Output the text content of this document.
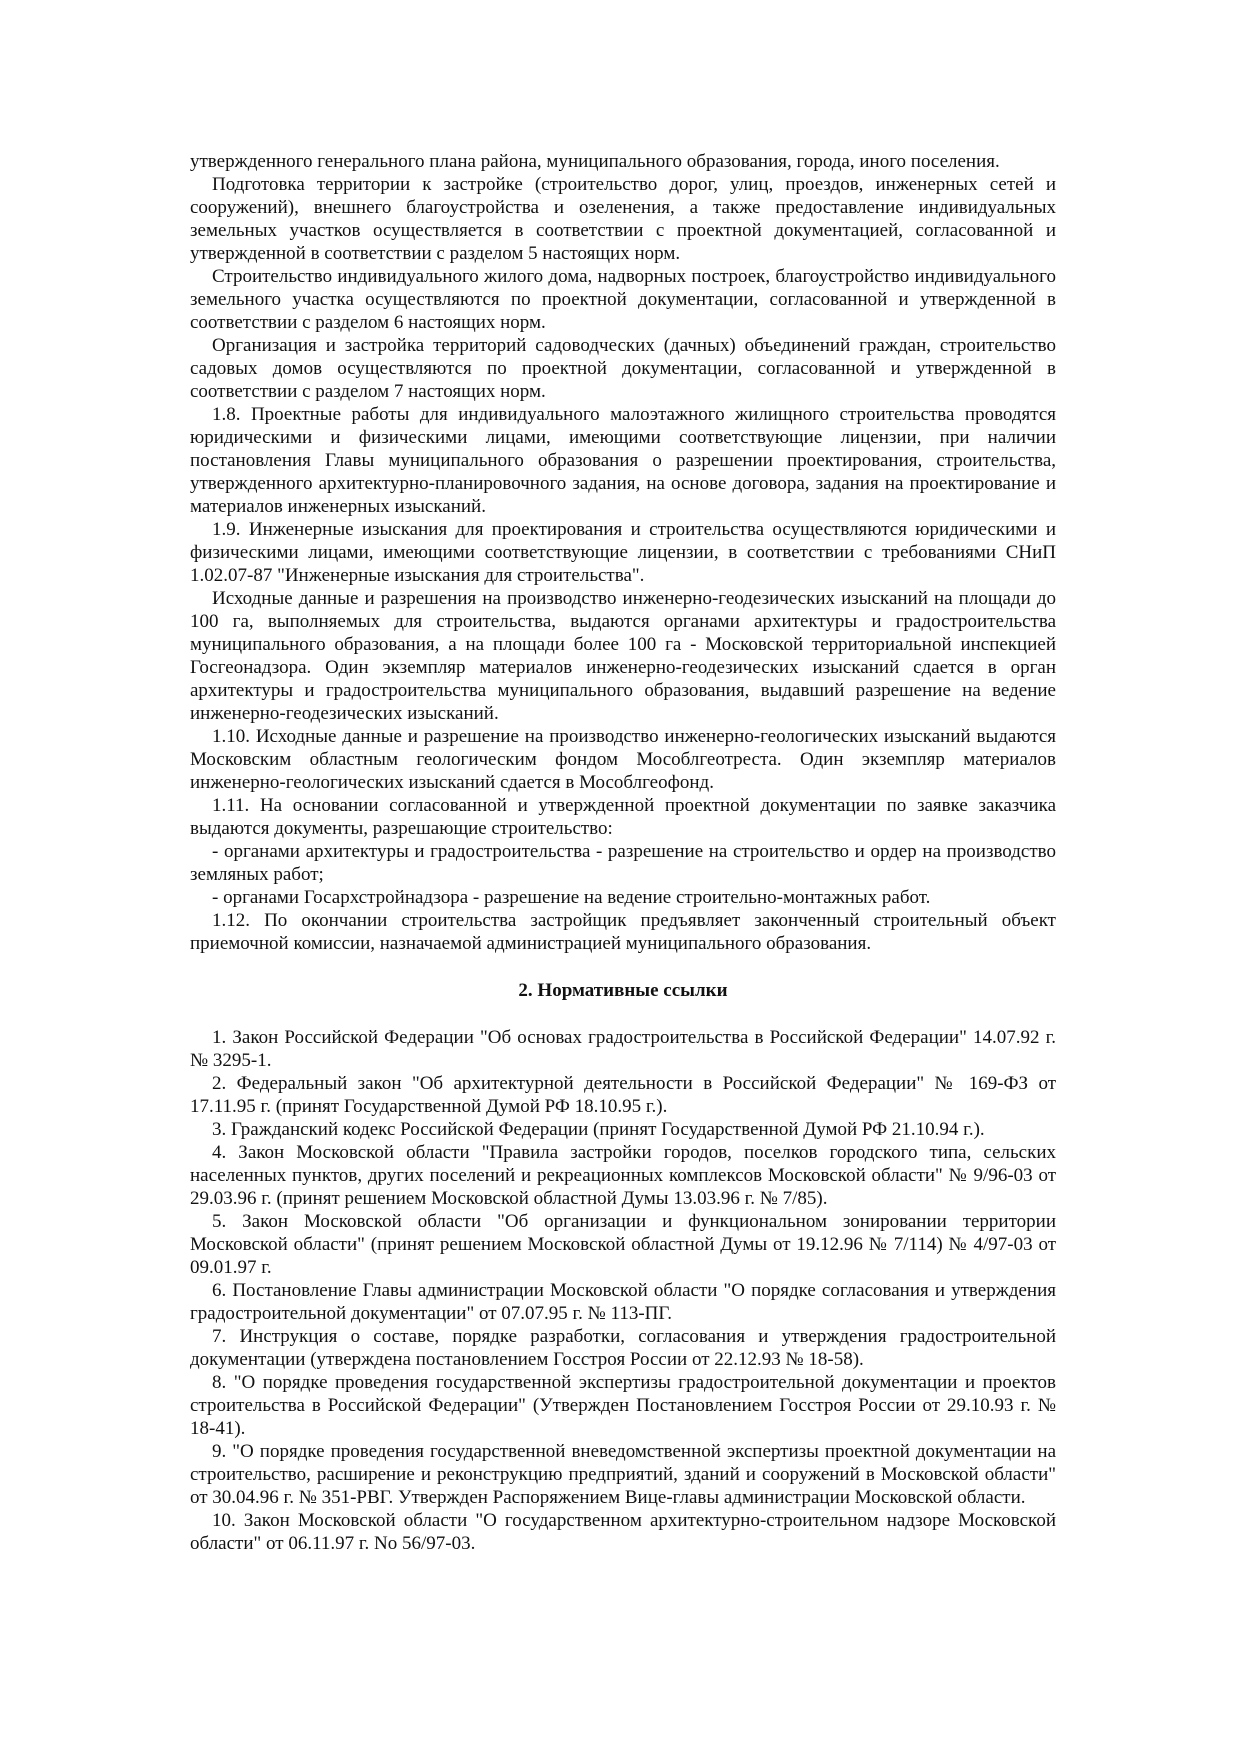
утвержденного генерального плана района, муниципального образования, города, иного поселения.

Подготовка территории к застройке (строительство дорог, улиц, проездов, инженерных сетей и сооружений), внешнего благоустройства и озеленения, а также предоставление индивидуальных земельных участков осуществляется в соответствии с проектной документацией, согласованной и утвержденной в соответствии с разделом 5 настоящих норм.

Строительство индивидуального жилого дома, надворных построек, благоустройство индивидуального земельного участка осуществляются по проектной документации, согласованной и утвержденной в соответствии с разделом 6 настоящих норм.

Организация и застройка территорий садоводческих (дачных) объединений граждан, строительство садовых домов осуществляются по проектной документации, согласованной и утвержденной в соответствии с разделом 7 настоящих норм.

1.8. Проектные работы для индивидуального малоэтажного жилищного строительства проводятся юридическими и физическими лицами, имеющими соответствующие лицензии, при наличии постановления Главы муниципального образования о разрешении проектирования, строительства, утвержденного архитектурно-планировочного задания, на основе договора, задания на проектирование и материалов инженерных изысканий.

1.9. Инженерные изыскания для проектирования и строительства осуществляются юридическими и физическими лицами, имеющими соответствующие лицензии, в соответствии с требованиями СНиП 1.02.07-87 "Инженерные изыскания для строительства".

Исходные данные и разрешения на производство инженерно-геодезических изысканий на площади до 100 га, выполняемых для строительства, выдаются органами архитектуры и градостроительства муниципального образования, а на площади более 100 га - Московской территориальной инспекцией Госгеонадзора. Один экземпляр материалов инженерно-геодезических изысканий сдается в орган архитектуры и градостроительства муниципального образования, выдавший разрешение на ведение инженерно-геодезических изысканий.

1.10. Исходные данные и разрешение на производство инженерно-геологических изысканий выдаются Московским областным геологическим фондом Мособлгеотреста. Один экземпляр материалов инженерно-геологических изысканий сдается в Мособлгеофонд.

1.11. На основании согласованной и утвержденной проектной документации по заявке заказчика выдаются документы, разрешающие строительство:

- органами архитектуры и градостроительства - разрешение на строительство и ордер на производство земляных работ;

- органами Госархстройнадзора - разрешение на ведение строительно-монтажных работ.

1.12. По окончании строительства застройщик предъявляет законченный строительный объект приемочной комиссии, назначаемой администрацией муниципального образования.

2. Нормативные ссылки

1. Закон Российской Федерации "Об основах градостроительства в Российской Федерации" 14.07.92 г. № 3295-1.

2. Федеральный закон "Об архитектурной деятельности в Российской Федерации" № 169-ФЗ от 17.11.95 г. (принят Государственной Думой РФ 18.10.95 г.).

3. Гражданский кодекс Российской Федерации (принят Государственной Думой РФ 21.10.94 г.).

4. Закон Московской области "Правила застройки городов, поселков городского типа, сельских населенных пунктов, других поселений и рекреационных комплексов Московской области" № 9/96-03 от 29.03.96 г. (принят решением Московской областной Думы 13.03.96 г. № 7/85).

5. Закон Московской области "Об организации и функциональном зонировании территории Московской области" (принят решением Московской областной Думы от 19.12.96 № 7/114) № 4/97-03 от 09.01.97 г.

6. Постановление Главы администрации Московской области "О порядке согласования и утверждения градостроительной документации" от 07.07.95 г. № 113-ПГ.

7. Инструкция о составе, порядке разработки, согласования и утверждения градостроительной документации (утверждена постановлением Госстроя России от 22.12.93 № 18-58).

8. "О порядке проведения государственной экспертизы градостроительной документации и проектов строительства в Российской Федерации" (Утвержден Постановлением Госстроя России от 29.10.93 г. № 18-41).

9. "О порядке проведения государственной вневедомственной экспертизы проектной документации на строительство, расширение и реконструкцию предприятий, зданий и сооружений в Московской области" от 30.04.96 г. № 351-РВГ. Утвержден Распоряжением Вице-главы администрации Московской области.

10. Закон Московской области "О государственном архитектурно-строительном надзоре Московской области" от 06.11.97 г. No 56/97-03.
